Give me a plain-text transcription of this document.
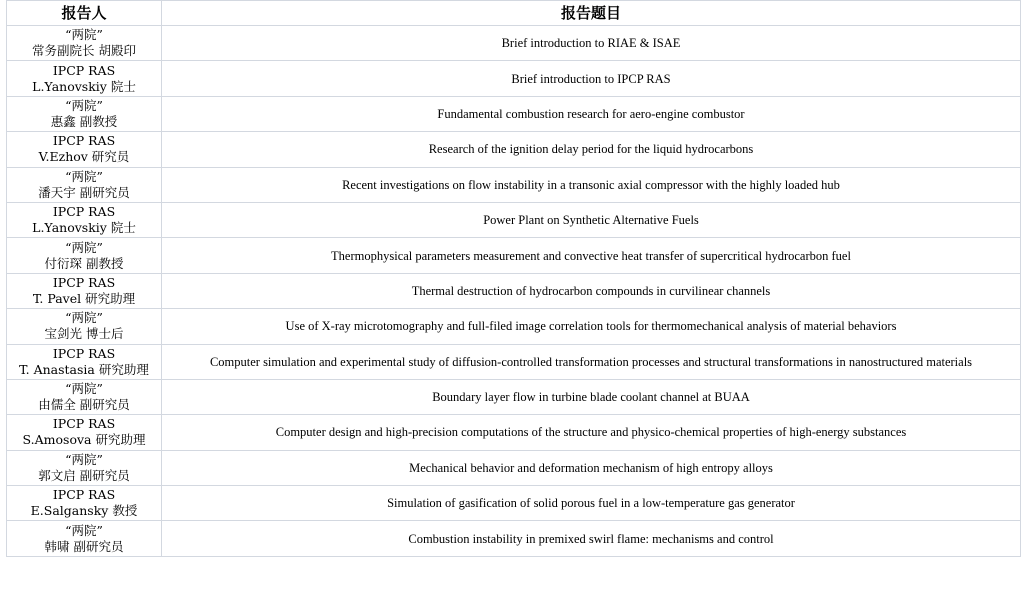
报告人	报告题目

“两院”
常务副院长 胡殿印	Brief introduction to RIAE & ISAE

IPCP RAS
L.Yanovskiy 院士	Brief introduction to IPCP RAS

“两院”
惠鑫 副教授	Fundamental combustion research for aero-engine combustor

IPCP RAS
V.Ezhov 研究员	Research of the ignition delay period for the liquid hydrocarbons

“两院”
潘天宇 副研究员	Recent investigations on flow instability in a transonic axial compressor with the highly loaded hub

IPCP RAS
L.Yanovskiy 院士	Power Plant on Synthetic Alternative Fuels

“两院”
付衍琛 副教授	Thermophysical parameters measurement and convective heat transfer of supercritical hydrocarbon fuel

IPCP RAS
T. Pavel 研究助理	Thermal destruction of hydrocarbon compounds in curvilinear channels

“两院”
宝剑光 博士后	Use of X-ray microtomography and full-filed image correlation tools for thermomechanical analysis of material behaviors

IPCP RAS
T. Anastasia 研究助理	Computer simulation and experimental study of diffusion-controlled transformation processes and structural transformations in nanostructured materials

“两院”
由儒全 副研究员	Boundary layer flow in turbine blade coolant channel at BUAA

IPCP RAS
S.Amosova 研究助理	Computer design and high-precision computations of the structure and physico-chemical properties of high-energy substances

“两院”
郭文启 副研究员	Mechanical behavior and deformation mechanism of high entropy alloys

IPCP RAS
E.Salgansky 教授	Simulation of gasification of solid porous fuel in a low-temperature gas generator

“两院”
韩啸 副研究员	Combustion instability in premixed swirl flame: mechanisms and control
